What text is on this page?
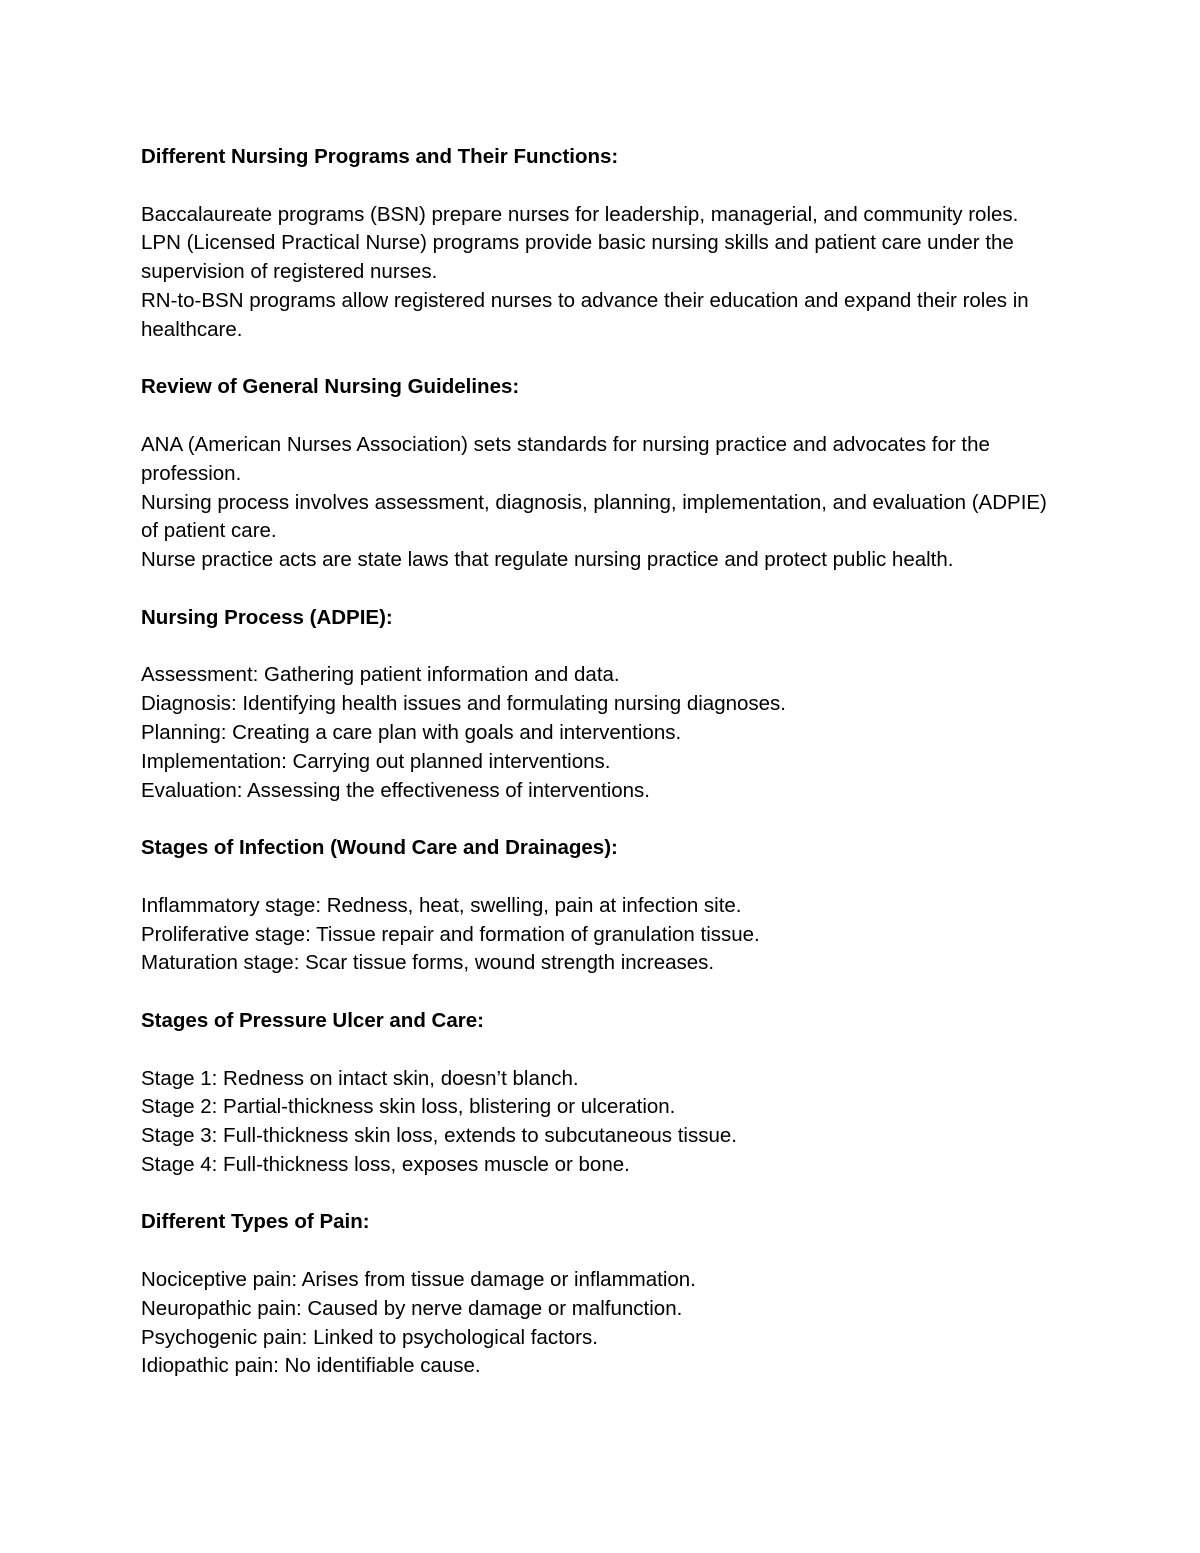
Different Nursing Programs and Their Functions:

Baccalaureate programs (BSN) prepare nurses for leadership, managerial, and community roles.

LPN (Licensed Practical Nurse) programs provide basic nursing skills and patient care under the supervision of registered nurses.

RN-to-BSN programs allow registered nurses to advance their education and expand their roles in healthcare.

Review of General Nursing Guidelines:

ANA (American Nurses Association) sets standards for nursing practice and advocates for the profession.

Nursing process involves assessment, diagnosis, planning, implementation, and evaluation (ADPIE) of patient care.

Nurse practice acts are state laws that regulate nursing practice and protect public health.

Nursing Process (ADPIE):

Assessment: Gathering patient information and data.

Diagnosis: Identifying health issues and formulating nursing diagnoses.

Planning: Creating a care plan with goals and interventions.

Implementation: Carrying out planned interventions.

Evaluation: Assessing the effectiveness of interventions.

Stages of Infection (Wound Care and Drainages):

Inflammatory stage: Redness, heat, swelling, pain at infection site.

Proliferative stage: Tissue repair and formation of granulation tissue.

Maturation stage: Scar tissue forms, wound strength increases.

Stages of Pressure Ulcer and Care:

Stage 1: Redness on intact skin, doesn’t blanch.

Stage 2: Partial-thickness skin loss, blistering or ulceration.

Stage 3: Full-thickness skin loss, extends to subcutaneous tissue.

Stage 4: Full-thickness loss, exposes muscle or bone.

Different Types of Pain:

Nociceptive pain: Arises from tissue damage or inflammation.

Neuropathic pain: Caused by nerve damage or malfunction.

Psychogenic pain: Linked to psychological factors.

Idiopathic pain: No identifiable cause.
